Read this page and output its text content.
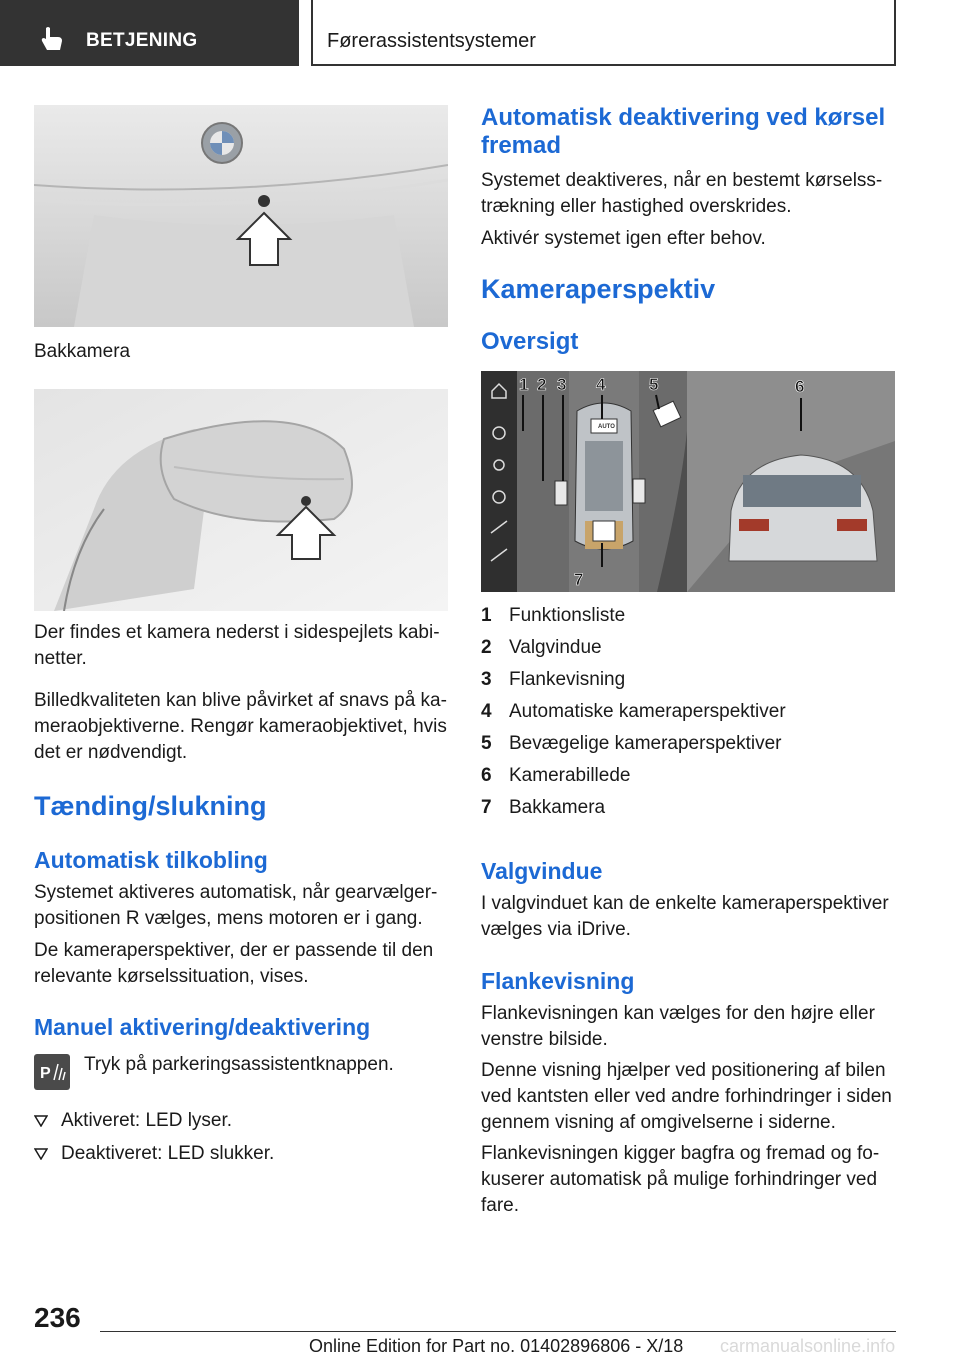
BETJENING	Førerassistentsystemer
Bakkamera
Der findes et kamera nederst i sidespejlets kabi-
netter.
Billedkvaliteten kan blive påvirket af snavs på ka-
meraobjektiverne. Rengør kameraobjektivet, hvis
det er nødvendigt.
Tænding/slukning
Automatisk tilkobling
Systemet aktiveres automatisk, når gearvælger-
positionen R vælges, mens motoren er i gang.
De kameraperspektiver, der er passende til den
relevante kørselssituation, vises.
Manuel aktivering/deaktivering
P Tryk på parkeringsassistentknappen.
Aktiveret: LED lyser.
Deaktiveret: LED slukker.
Automatisk deaktivering ved kørsel
fremad
Systemet deaktiveres, når en bestemt kørselss-
trækning eller hastighed overskrides.
Aktivér systemet igen efter behov.
Kameraperspektiv
Oversigt
AUTO
1 2 3 4	5	6
7
1 Funktionsliste
2 Valgvindue
3 Flankevisning
4 Automatiske kameraperspektiver
5 Bevægelige kameraperspektiver
6 Kamerabillede
7 Bakkamera
Valgvindue
I valgvinduet kan de enkelte kameraperspektiver
vælges via iDrive.
Flankevisning
Flankevisningen kan vælges for den højre eller
venstre bilside.
Denne visning hjælper ved positionering af bilen
ved kantsten eller ved andre forhindringer i siden
gennem visning af omgivelserne i siderne.
Flankevisningen kigger bagfra og fremad og fo-
kuserer automatisk på mulige forhindringer ved
fare.
236
Online Edition for Part no. 01402896806 - X/18 carmanualsonline.info
